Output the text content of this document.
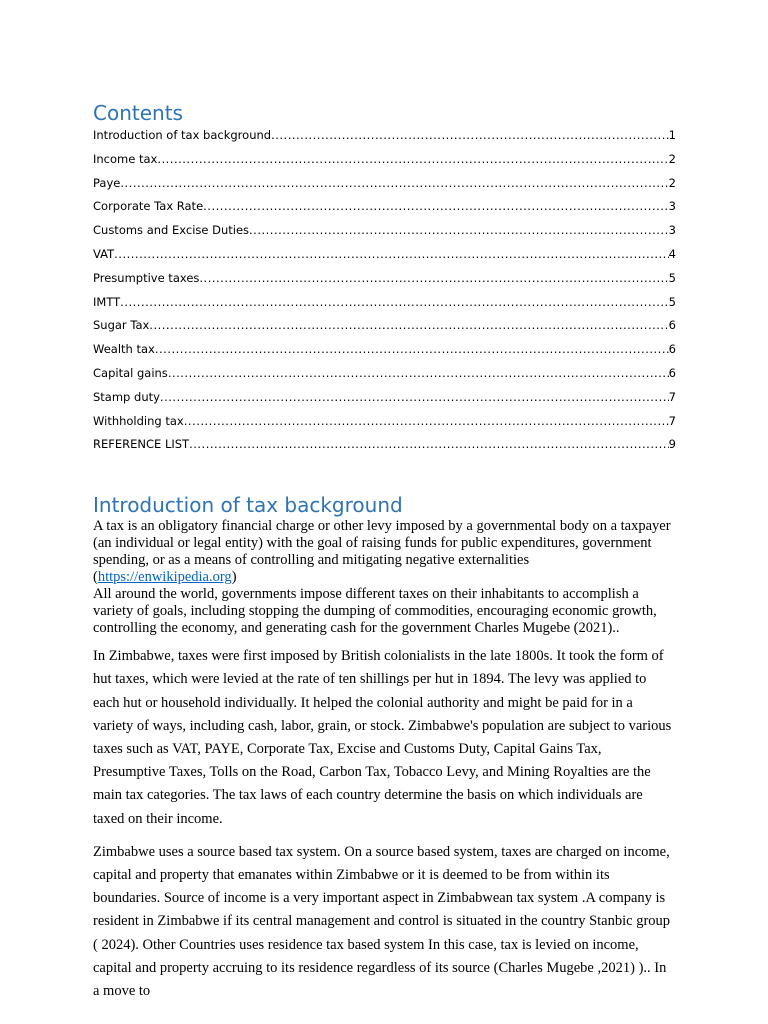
Contents
Introduction of tax background .....	1
Income tax .....	2
Paye .....	2
Corporate Tax Rate .....	3
Customs and Excise Duties .....	3
VAT .....	4
Presumptive taxes .....	5
IMTT .....	5
Sugar Tax .....	6
Wealth tax .....	6
Capital gains .....	6
Stamp duty .....	7
Withholding tax .....	7
REFERENCE LIST .....	9
Introduction of tax background

A tax is an obligatory financial charge or other levy imposed by a governmental body on a taxpayer (an individual or legal entity) with the goal of raising funds for public expenditures, government spending, or as a means of controlling and mitigating negative externalities (https://enwikipedia.org)

All around the world, governments impose different taxes on their inhabitants to accomplish a variety of goals, including stopping the dumping of commodities, encouraging economic growth, controlling the economy, and generating cash for the government Charles Mugebe (2021)..

In Zimbabwe, taxes were first imposed by British colonialists in the late 1800s. It took the form of hut taxes, which were levied at the rate of ten shillings per hut in 1894. The levy was applied to each hut or household individually. It helped the colonial authority and might be paid for in a variety of ways, including cash, labor, grain, or stock. Zimbabwe's population are subject to various taxes such as VAT, PAYE, Corporate Tax, Excise and Customs Duty, Capital Gains Tax, Presumptive Taxes, Tolls on the Road, Carbon Tax, Tobacco Levy, and Mining Royalties are the main tax categories. The tax laws of each country determine the basis on which individuals are taxed on their income.

Zimbabwe uses a source based tax system. On a source based system, taxes are charged on income, capital and property that emanates within Zimbabwe or it is deemed to be from within its boundaries. Source of income is a very important aspect in Zimbabwean tax system .A company is resident in Zimbabwe if its central management and control is situated in the country Stanbic group ( 2024). Other Countries uses residence tax based system In this case, tax is levied on income, capital and property accruing to its residence regardless of its source (Charles Mugebe ,2021) ).. In a move to
